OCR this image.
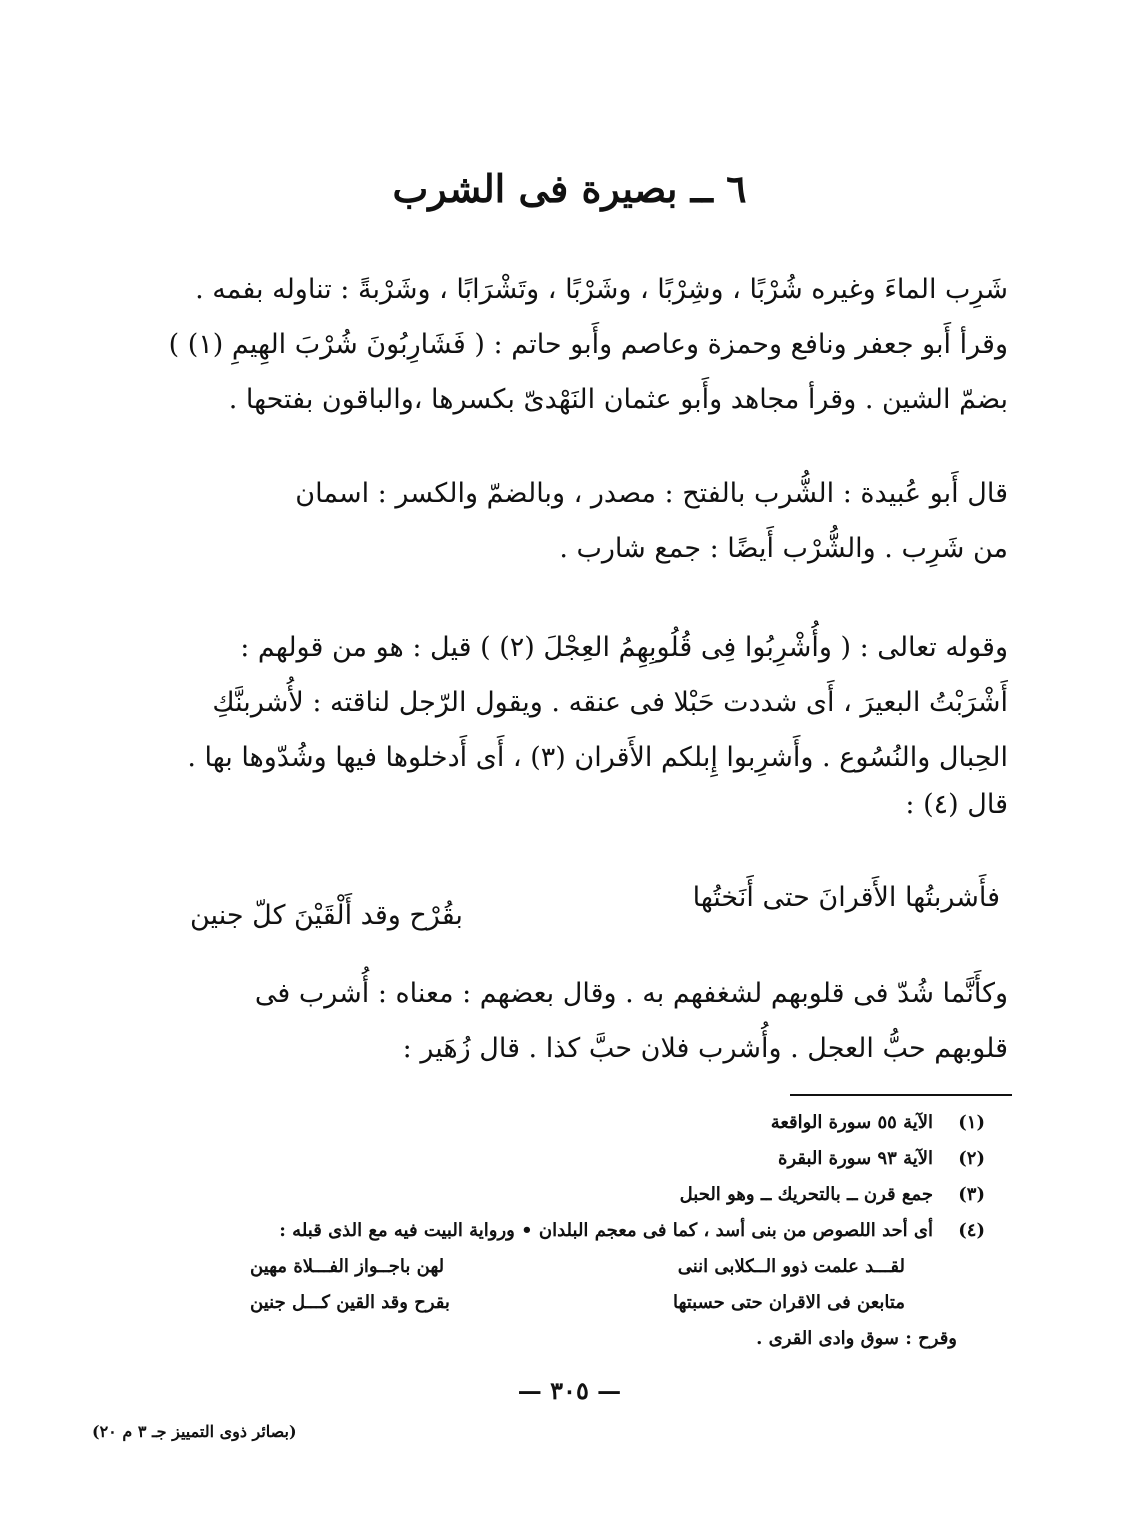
٦ ــ بصيرة فى الشرب
شَرِب الماءَ وغيره شُرْبًا ، وشِرْبًا ، وشَرْبًا ، وتَشْرَابًا ، وشَرْبةً : تناوله بفمه .
وقرأ أَبو جعفر ونافع وحمزة وعاصم وأَبو حاتم : ( فَشَارِبُونَ شُرْبَ الهِيمِ (١) )
بضمّ الشين . وقرأ مجاهد وأَبو عثمان النَهْدىّ بكسرها ،والباقون بفتحها .
قال أَبو عُبيدة : الشُّرب بالفتح : مصدر ، وبالضمّ والكسر : اسمان
من شَرِب . والشُّرْب أَيضًا : جمع شارب .
وقوله تعالى : ( وأُشْرِبُوا فِى قُلُوبِهِمُ العِجْلَ (٢) ) قيل : هو من قولهم :
أَشْرَبْتُ البعيرَ ، أَى شددت حَبْلا فى عنقه . ويقول الرّجل لناقته : لأُشربنَّكِ
الحِبال والنُسُوع . وأَشرِبوا إِبلكم الأَقران (٣) ، أَى أَدخلوها فيها وشُدّوها بها .
قال (٤) :
فأَشربتُها الأَقرانَ حتى أَنَختُها
بقُرْح وقد أَلْقَيْنَ كلّ جنين
وكأَنَّما شُدّ فى قلوبهم لشغفهم به . وقال بعضهم : معناه : أُشرب فى
قلوبهم حبُّ العجل . وأُشرب فلان حبَّ كذا . قال زُهَير :
(١)الآية ٥٥ سورة الواقعة
(٢)الآية ٩٣ سورة البقرة
(٣)جمع قرن ــ بالتحريك ــ وهو الحبل
(٤)أى أحد اللصوص من بنى أسد ، كما فى معجم البلدان • ورواية البيت فيه مع الذى قبله :
لقـــد علمت ذوو الــكلابى اننى
لهن باجــواز الفـــلاة مهين
متابعن فى الاقران حتى حسبتها
بقرح وقد القين كـــل جنين
وقرح : سوق وادى القرى .
— ٣٠٥ —
(بصائر ذوى التمييز جـ ٣ م ٢٠)
